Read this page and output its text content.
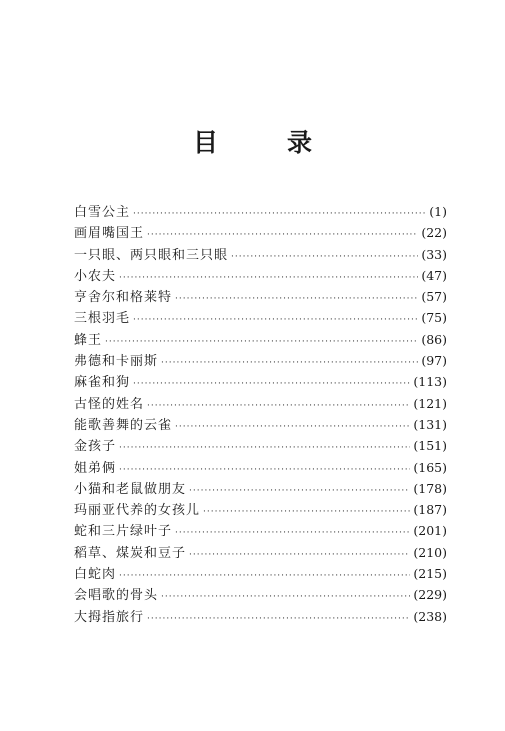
目　录
白雪公主 ·····	(1)
画眉嘴国王 ·····	(22)
一只眼、两只眼和三只眼 ·····	(33)
小农夫 ·····	(47)
亨舍尔和格莱特 ·····	(57)
三根羽毛 ·····	(75)
蜂王 ·····	(86)
弗德和卡丽斯 ·····	(97)
麻雀和狗 ·····	(113)
古怪的姓名 ·····	(121)
能歌善舞的云雀 ·····	(131)
金孩子 ·····	(151)
姐弟俩 ·····	(165)
小猫和老鼠做朋友 ·····	(178)
玛丽亚代养的女孩儿 ·····	(187)
蛇和三片绿叶子 ·····	(201)
稻草、煤炭和豆子 ·····	(210)
白蛇肉 ·····	(215)
会唱歌的骨头 ·····	(229)
大拇指旅行 ·····	(238)
